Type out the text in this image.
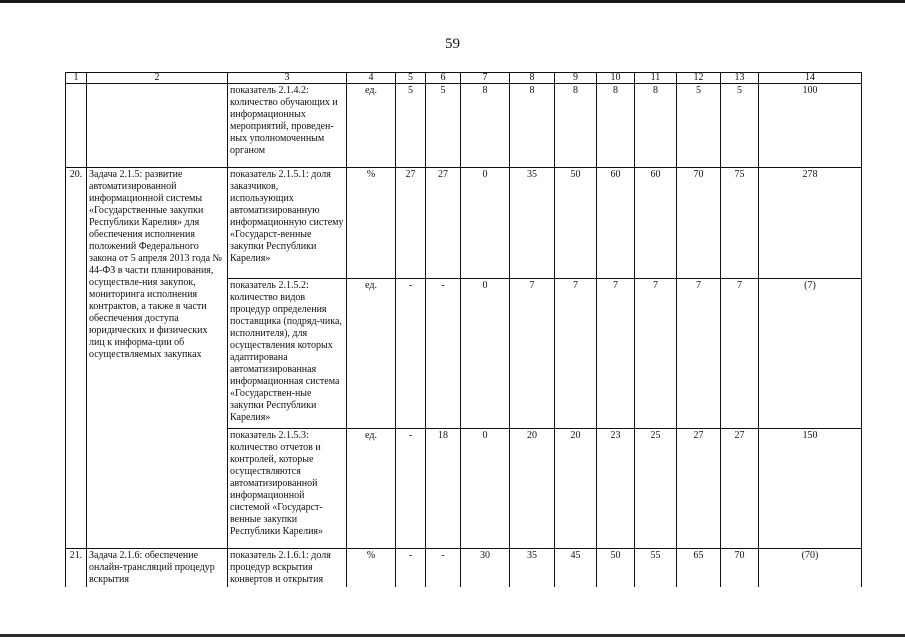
59
1	2	3	4	5	6	7	8	9	10	11	12	13	14
		показатель 2.1.4.2: количество обучающих и информационных мероприятий, проведен-ных уполномоченным органом	ед.	5	5	8	8	8	8	8	5	5	100
20.	Задача 2.1.5: развитие автоматизированной информационной системы «Государственные закупки Республики Карелия» для обеспечения исполнения положений Федерального закона от 5 апреля 2013 года № 44-ФЗ в части планирования, осуществле-ния закупок, мониторинга исполнения контрактов, а также в части обеспечения доступа юридических и физических лиц к информа-ции об осуществляемых закупках	показатель 2.1.5.1: доля заказчиков, использующих автоматизированную информационную систему «Государст-венные закупки Республики Карелия»	%	27	27	0	35	50	60	60	70	75	278
		показатель 2.1.5.2: количество видов процедур определения поставщика (подряд-чика, исполнителя), для осуществления которых адаптирована автоматизированная информационная система «Государствен-ные закупки Республики Карелия»	ед.	-	-	0	7	7	7	7	7	7	(7)
		показатель 2.1.5.3: количество отчетов и контролей, которые осуществляются автоматизированной информационной системой «Государст-венные закупки Республики Карелия»	ед.	-	18	0	20	20	23	25	27	27	150
21.	Задача 2.1.6: обеспечение онлайн-трансляций процедур вскрытия	показатель 2.1.6.1: доля процедур вскрытия конвертов и открытия	%	-	-	30	35	45	50	55	65	70	(70)
